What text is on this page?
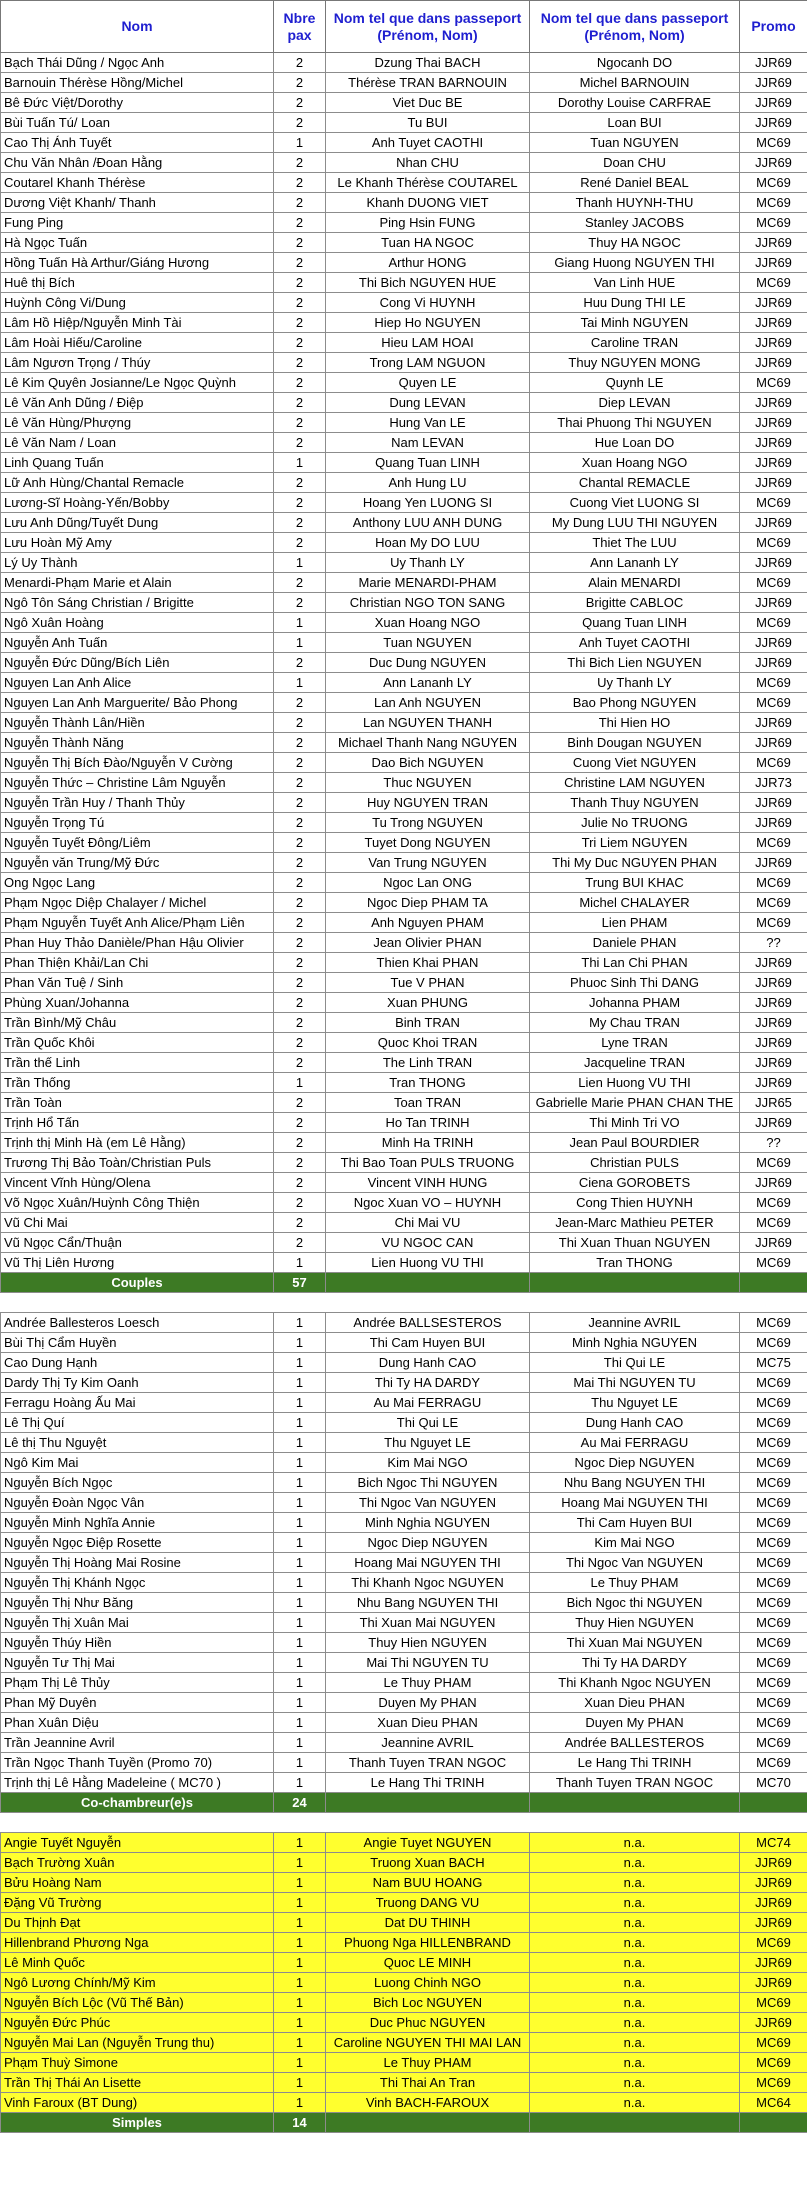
Nom	Nbre pax	Nom tel que dans passeport (Prénom, Nom)	Nom tel que dans passeport (Prénom, Nom)	Promo
Bạch Thái Dũng / Ngọc Anh	2	Dzung Thai BACH	Ngocanh DO	JJR69
Barnouin Thérèse Hồng/Michel	2	Thérèse TRAN BARNOUIN	Michel BARNOUIN	JJR69
Bê Đức Việt/Dorothy	2	Viet Duc BE	Dorothy Louise CARFRAE	JJR69
Bùi Tuấn Tú/ Loan	2	Tu BUI	Loan BUI	JJR69
Cao Thị Ánh Tuyết	1	Anh Tuyet CAOTHI	Tuan NGUYEN	MC69
Chu Văn Nhân /Đoan Hằng	2	Nhan CHU	Doan CHU	JJR69
Coutarel Khanh Thérèse	2	Le Khanh Thérèse COUTAREL	René Daniel BEAL	MC69
Dương Việt Khanh/ Thanh	2	Khanh DUONG VIET	Thanh HUYNH-THU	MC69
Fung Ping	2	Ping Hsin FUNG	Stanley JACOBS	MC69
Hà Ngọc Tuấn	2	Tuan HA NGOC	Thuy HA NGOC	JJR69
Hồng Tuấn Hà Arthur/Giáng Hương	2	Arthur HONG	Giang Huong NGUYEN THI	JJR69
Huê thị Bích	2	Thi Bich NGUYEN HUE	Van Linh HUE	MC69
Huỳnh Công Vi/Dung	2	Cong Vi HUYNH	Huu Dung THI LE	JJR69
Lâm Hồ Hiệp/Nguyễn Minh Tài	2	Hiep Ho NGUYEN	Tai Minh NGUYEN	JJR69
Lâm Hoài Hiếu/Caroline	2	Hieu LAM HOAI	Caroline TRAN	JJR69
Lâm Ngươn Trọng / Thúy	2	Trong LAM NGUON	Thuy NGUYEN MONG	JJR69
Lê Kim Quyên Josianne/Le Ngọc Quỳnh	2	Quyen LE	Quynh LE	MC69
Lê Văn Anh Dũng / Điệp	2	Dung LEVAN	Diep LEVAN	JJR69
Lê Văn Hùng/Phượng	2	Hung Van LE	Thai Phuong Thi NGUYEN	JJR69
Lê Văn Nam / Loan	2	Nam LEVAN	Hue Loan DO	JJR69
Linh Quang Tuấn	1	Quang Tuan LINH	Xuan Hoang NGO	JJR69
Lữ Anh Hùng/Chantal Remacle	2	Anh Hung LU	Chantal REMACLE	JJR69
Lương-Sĩ Hoàng-Yến/Bobby	2	Hoang Yen LUONG SI	Cuong Viet LUONG SI	MC69
Lưu Anh Dũng/Tuyết Dung	2	Anthony LUU ANH DUNG	My Dung LUU THI NGUYEN	JJR69
Lưu Hoàn Mỹ Amy	2	Hoan My DO LUU	Thiet The LUU	MC69
Lý Uy Thành	1	Uy Thanh LY	Ann Lananh LY	JJR69
Menardi-Phạm Marie et Alain	2	Marie MENARDI-PHAM	Alain MENARDI	MC69
Ngô Tôn Sáng Christian / Brigitte	2	Christian NGO TON SANG	Brigitte CABLOC	JJR69
Ngô Xuân Hoàng	1	Xuan Hoang NGO	Quang Tuan LINH	MC69
Nguyễn Anh Tuấn	1	Tuan NGUYEN	Anh Tuyet CAOTHI	JJR69
Nguyễn Đức Dũng/Bích Liên	2	Duc Dung NGUYEN	Thi Bich Lien NGUYEN	JJR69
Nguyen Lan Anh Alice	1	Ann Lananh LY	Uy Thanh LY	MC69
Nguyen Lan Anh Marguerite/ Bảo Phong	2	Lan Anh NGUYEN	Bao Phong NGUYEN	MC69
Nguyễn Thành Lân/Hiền	2	Lan NGUYEN THANH	Thi Hien HO	JJR69
Nguyễn Thành Năng	2	Michael Thanh Nang NGUYEN	Binh Dougan NGUYEN	JJR69
Nguyễn Thị Bích Đào/Nguyễn V Cường	2	Dao Bich NGUYEN	Cuong Viet NGUYEN	MC69
Nguyễn Thức – Christine Lâm Nguyễn	2	Thuc NGUYEN	Christine LAM NGUYEN	JJR73
Nguyễn Trần Huy / Thanh Thủy	2	Huy NGUYEN TRAN	Thanh Thuy NGUYEN	JJR69
Nguyễn Trọng Tú	2	Tu Trong NGUYEN	Julie No TRUONG	JJR69
Nguyễn Tuyết Đông/Liêm	2	Tuyet Dong NGUYEN	Tri Liem NGUYEN	MC69
Nguyễn văn Trung/Mỹ Đức	2	Van Trung NGUYEN	Thi My Duc NGUYEN PHAN	JJR69
Ong Ngọc Lang	2	Ngoc Lan ONG	Trung BUI KHAC	MC69
Phạm Ngọc Diệp Chalayer / Michel	2	Ngoc Diep PHAM TA	Michel CHALAYER	MC69
Phạm Nguyễn Tuyết Anh Alice/Phạm Liên	2	Anh Nguyen PHAM	Lien PHAM	MC69
Phan Huy Thảo Danièle/Phan Hậu Olivier	2	Jean Olivier PHAN	Daniele PHAN	??
Phan Thiện Khải/Lan Chi	2	Thien Khai PHAN	Thi Lan Chi PHAN	JJR69
Phan Văn Tuệ / Sinh	2	Tue V PHAN	Phuoc Sinh Thi DANG	JJR69
Phùng Xuan/Johanna	2	Xuan PHUNG	Johanna PHAM	JJR69
Trần Bình/Mỹ Châu	2	Binh TRAN	My Chau TRAN	JJR69
Trần Quốc Khôi	2	Quoc Khoi TRAN	Lyne TRAN	JJR69
Trần thế Linh	2	The Linh TRAN	Jacqueline TRAN	JJR69
Trần Thống	1	Tran THONG	Lien Huong VU THI	JJR69
Trần Toàn	2	Toan TRAN	Gabrielle Marie PHAN CHAN THE	JJR65
Trịnh Hổ Tấn	2	Ho Tan TRINH	Thi Minh Tri VO	JJR69
Trịnh thị Minh Hà (em Lê Hằng)	2	Minh Ha TRINH	Jean Paul BOURDIER	??
Trương Thị Bảo Toàn/Christian Puls	2	Thi Bao Toan PULS TRUONG	Christian PULS	MC69
Vincent Vĩnh Hùng/Olena	2	Vincent VINH HUNG	Ciena GOROBETS	JJR69
Võ Ngọc Xuân/Huỳnh Công Thiện	2	Ngoc Xuan VO – HUYNH	Cong Thien HUYNH	MC69
Vũ Chi Mai	2	Chi Mai VU	Jean-Marc Mathieu PETER	MC69
Vũ Ngọc Cẩn/Thuận	2	VU NGOC CAN	Thi Xuan Thuan NGUYEN	JJR69
Vũ Thị Liên Hương	1	Lien Huong VU THI	Tran THONG	MC69
Couples	57			

Andrée Ballesteros Loesch	1	Andrée BALLSESTEROS	Jeannine AVRIL	MC69
Bùi Thị Cẩm Huyền	1	Thi Cam Huyen BUI	Minh Nghia NGUYEN	MC69
Cao Dung Hạnh	1	Dung Hanh CAO	Thi Qui LE	MC75
Dardy Thị Ty Kim Oanh	1	Thi Ty HA DARDY	Mai Thi NGUYEN TU	MC69
Ferragu Hoàng Ấu Mai	1	Au Mai FERRAGU	Thu Nguyet LE	MC69
Lê Thị Quí	1	Thi Qui LE	Dung Hanh CAO	MC69
Lê thị Thu Nguyệt	1	Thu Nguyet LE	Au Mai FERRAGU	MC69
Ngô Kim Mai	1	Kim Mai NGO	Ngoc Diep NGUYEN	MC69
Nguyễn Bích Ngọc	1	Bich Ngoc Thi NGUYEN	Nhu Bang NGUYEN THI	MC69
Nguyễn Đoàn Ngọc Vân	1	Thi Ngoc Van NGUYEN	Hoang Mai NGUYEN THI	MC69
Nguyễn Minh Nghĩa Annie	1	Minh Nghia NGUYEN	Thi Cam Huyen BUI	MC69
Nguyễn Ngọc Điệp Rosette	1	Ngoc Diep NGUYEN	Kim Mai NGO	MC69
Nguyễn Thị Hoàng Mai Rosine	1	Hoang Mai NGUYEN THI	Thi Ngoc Van NGUYEN	MC69
Nguyễn Thị Khánh Ngọc	1	Thi Khanh Ngoc NGUYEN	Le Thuy PHAM	MC69
Nguyễn Thị Như Băng	1	Nhu Bang NGUYEN THI	Bich Ngoc thi NGUYEN	MC69
Nguyễn Thị Xuân Mai	1	Thi Xuan Mai NGUYEN	Thuy Hien NGUYEN	MC69
Nguyễn Thúy Hiền	1	Thuy Hien NGUYEN	Thi Xuan Mai NGUYEN	MC69
Nguyễn Tư Thị Mai	1	Mai Thi NGUYEN TU	Thi Ty HA DARDY	MC69
Phạm Thị Lê Thủy	1	Le Thuy PHAM	Thi Khanh Ngoc NGUYEN	MC69
Phan Mỹ Duyên	1	Duyen My PHAN	Xuan Dieu PHAN	MC69
Phan Xuân Diệu	1	Xuan Dieu PHAN	Duyen My PHAN	MC69
Trần Jeannine Avril	1	Jeannine AVRIL	Andrée BALLESTEROS	MC69
Trần Ngọc Thanh Tuyền (Promo 70)	1	Thanh Tuyen TRAN NGOC	Le Hang Thi TRINH	MC69
Trịnh thị Lê Hằng Madeleine ( MC70 )	1	Le Hang Thi TRINH	Thanh Tuyen TRAN NGOC	MC70
Co-chambreur(e)s	24			

Angie Tuyết Nguyễn	1	Angie Tuyet NGUYEN	n.a.	MC74
Bạch Trường Xuân	1	Truong Xuan BACH	n.a.	JJR69
Bửu Hoàng Nam	1	Nam BUU HOANG	n.a.	JJR69
Đặng Vũ Trường	1	Truong DANG VU	n.a.	JJR69
Du Thịnh Đạt	1	Dat DU THINH	n.a.	JJR69
Hillenbrand Phương Nga	1	Phuong Nga HILLENBRAND	n.a.	MC69
Lê Minh Quốc	1	Quoc LE MINH	n.a.	JJR69
Ngô Lương Chính/Mỹ Kim	1	Luong Chinh NGO	n.a.	JJR69
Nguyễn Bích Lộc (Vũ Thế Bản)	1	Bich Loc NGUYEN	n.a.	MC69
Nguyễn Đức Phúc	1	Duc Phuc NGUYEN	n.a.	JJR69
Nguyễn Mai Lan (Nguyễn Trung thu)	1	Caroline NGUYEN THI MAI LAN	n.a.	MC69
Phạm Thuỳ Simone	1	Le Thuy PHAM	n.a.	MC69
Trần Thị Thái An Lisette	1	Thi Thai An Tran	n.a.	MC69
Vinh Faroux (BT Dung)	1	Vinh BACH-FAROUX	n.a.	MC64
Simples	14			
